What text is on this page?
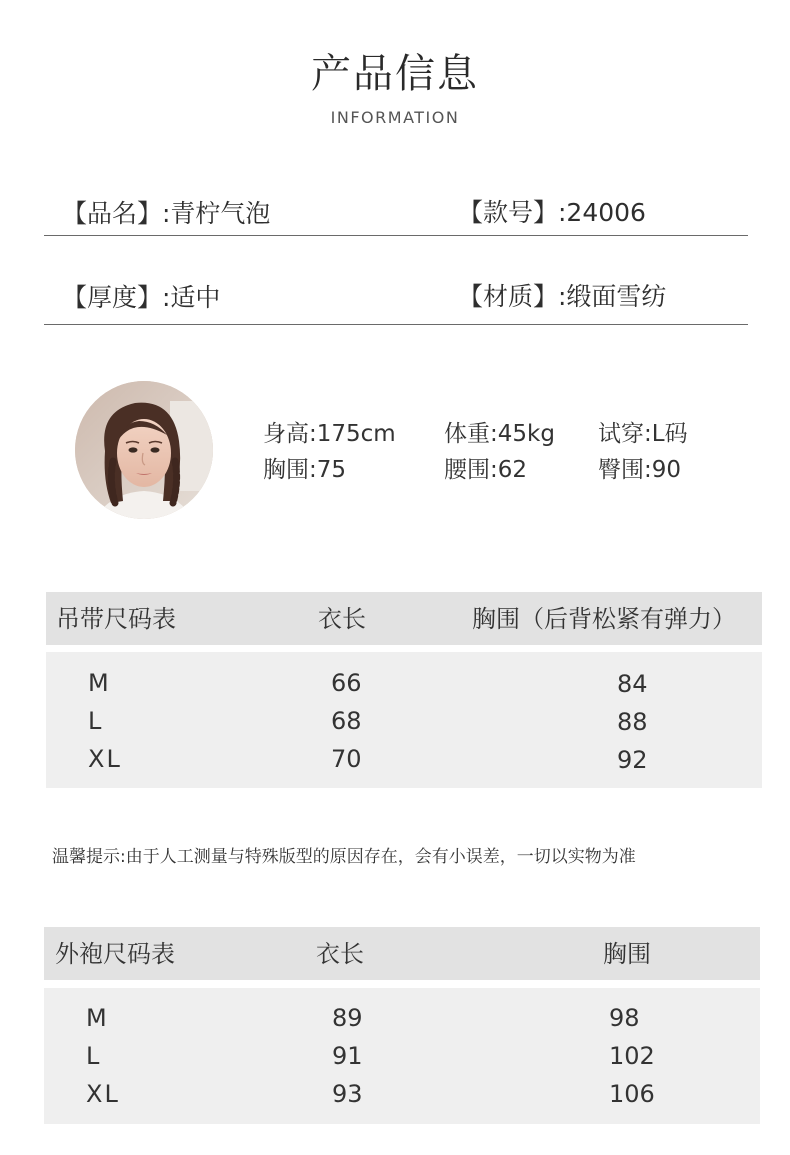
产品信息
INFORMATION
【品名】:青柠气泡	【款号】:24006
【厚度】:适中	【材质】:缎面雪纺
身高:175cm 体重:45kg 试穿:L码
胸围:75	腰围:62	臀围:90
吊带尺码表	衣长	胸围（后背松紧有弹力）
M	66	84
L	68	88
XL	70	92
温馨提示:由于人工测量与特殊版型的原因存在，会有小误差，一切以实物为准
外袍尺码表	衣长	胸围
M	89	98
L	91	102
XL	93	106
